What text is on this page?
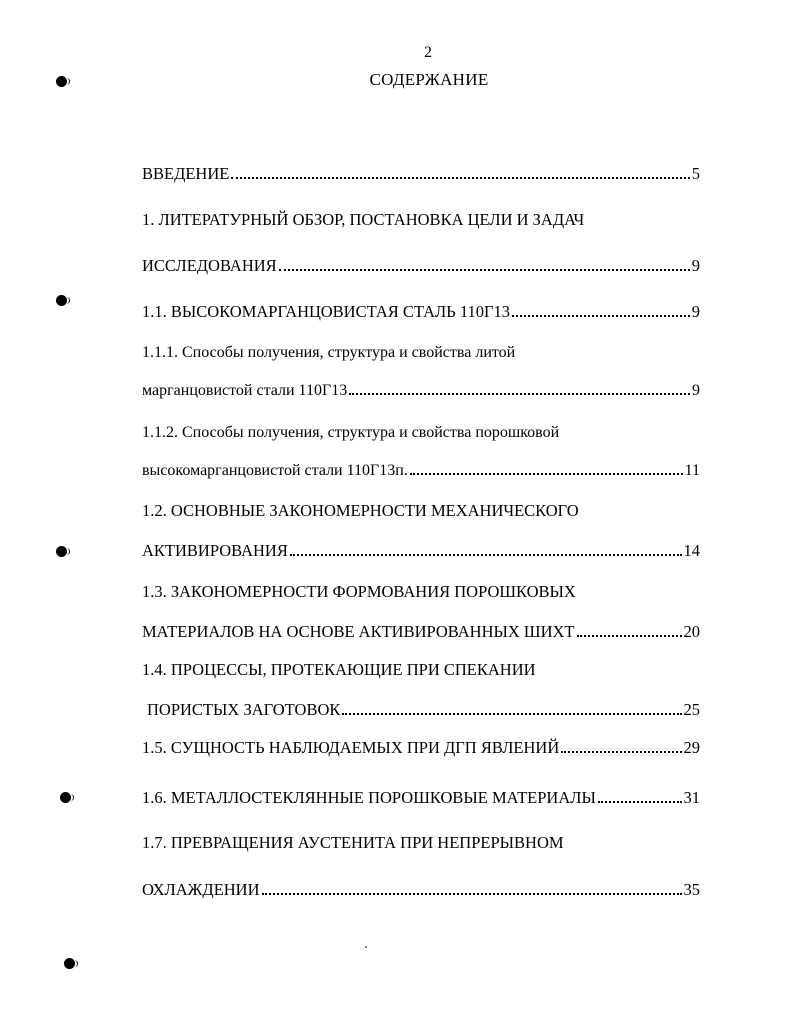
2
СОДЕРЖАНИЕ
ВВЕДЕНИЕ	5
1. ЛИТЕРАТУРНЫЙ ОБЗОР, ПОСТАНОВКА ЦЕЛИ И ЗАДАЧ
ИССЛЕДОВАНИЯ	9
1.1. ВЫСОКОМАРГАНЦОВИСТАЯ СТАЛЬ 110Г13	9
1.1.1. Способы получения, структура и свойства литой
марганцовистой стали 110Г13	9
1.1.2. Способы получения, структура и свойства порошковой
высокомарганцовистой стали 110Г13п.	11
1.2. ОСНОВНЫЕ ЗАКОНОМЕРНОСТИ МЕХАНИЧЕСКОГО
АКТИВИРОВАНИЯ	14
1.3. ЗАКОНОМЕРНОСТИ ФОРМОВАНИЯ ПОРОШКОВЫХ
МАТЕРИАЛОВ НА ОСНОВЕ АКТИВИРОВАННЫХ ШИХТ	20
1.4. ПРОЦЕССЫ, ПРОТЕКАЮЩИЕ ПРИ СПЕКАНИИ
ПОРИСТЫХ ЗАГОТОВОК	25
1.5. СУЩНОСТЬ НАБЛЮДАЕМЫХ ПРИ ДГП ЯВЛЕНИЙ	29
1.6. МЕТАЛЛОСТЕКЛЯННЫЕ ПОРОШКОВЫЕ МАТЕРИАЛЫ	31
1.7. ПРЕВРАЩЕНИЯ АУСТЕНИТА ПРИ НЕПРЕРЫВНОМ
ОХЛАЖДЕНИИ	35
